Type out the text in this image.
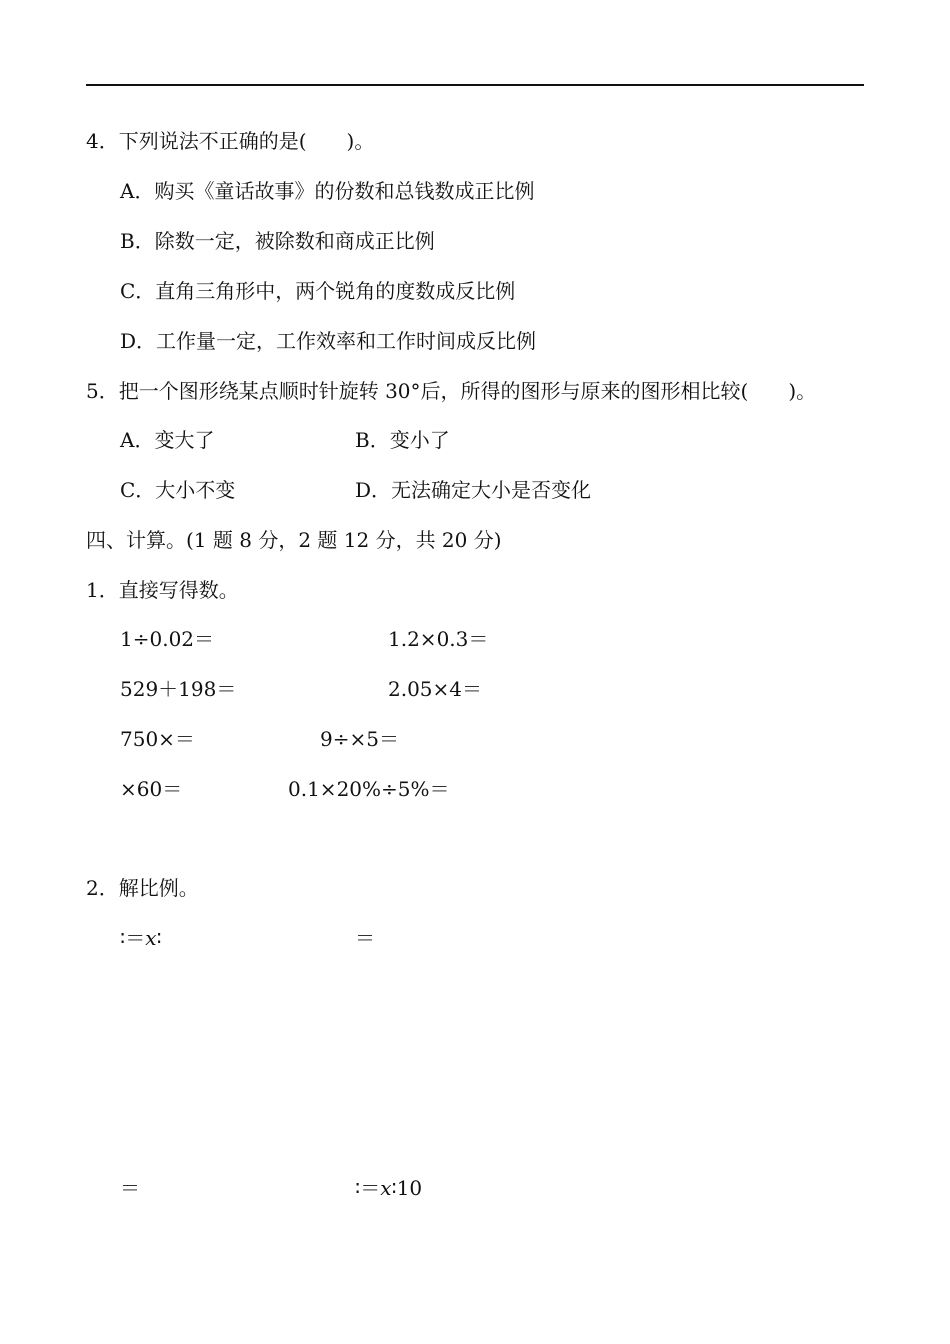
4．下列说法不正确的是(　　)。
A．购买《童话故事》的份数和总钱数成正比例
B．除数一定，被除数和商成正比例
C．直角三角形中，两个锐角的度数成反比例
D．工作量一定，工作效率和工作时间成反比例
5．把一个图形绕某点顺时针旋转 30°后，所得的图形与原来的图形相比较(　　)。
A．变大了	B．变小了
C．大小不变	D．无法确定大小是否变化
四、计算。(1 题 8 分，2 题 12 分，共 20 分)
1．直接写得数。
1÷0.02＝	1.2×0.3＝
529＋198＝	2.05×4＝
750×＝	9÷×5＝
×60＝	0.1×20%÷5%＝
2．解比例。
∶＝x∶	＝
＝	∶＝x∶10
